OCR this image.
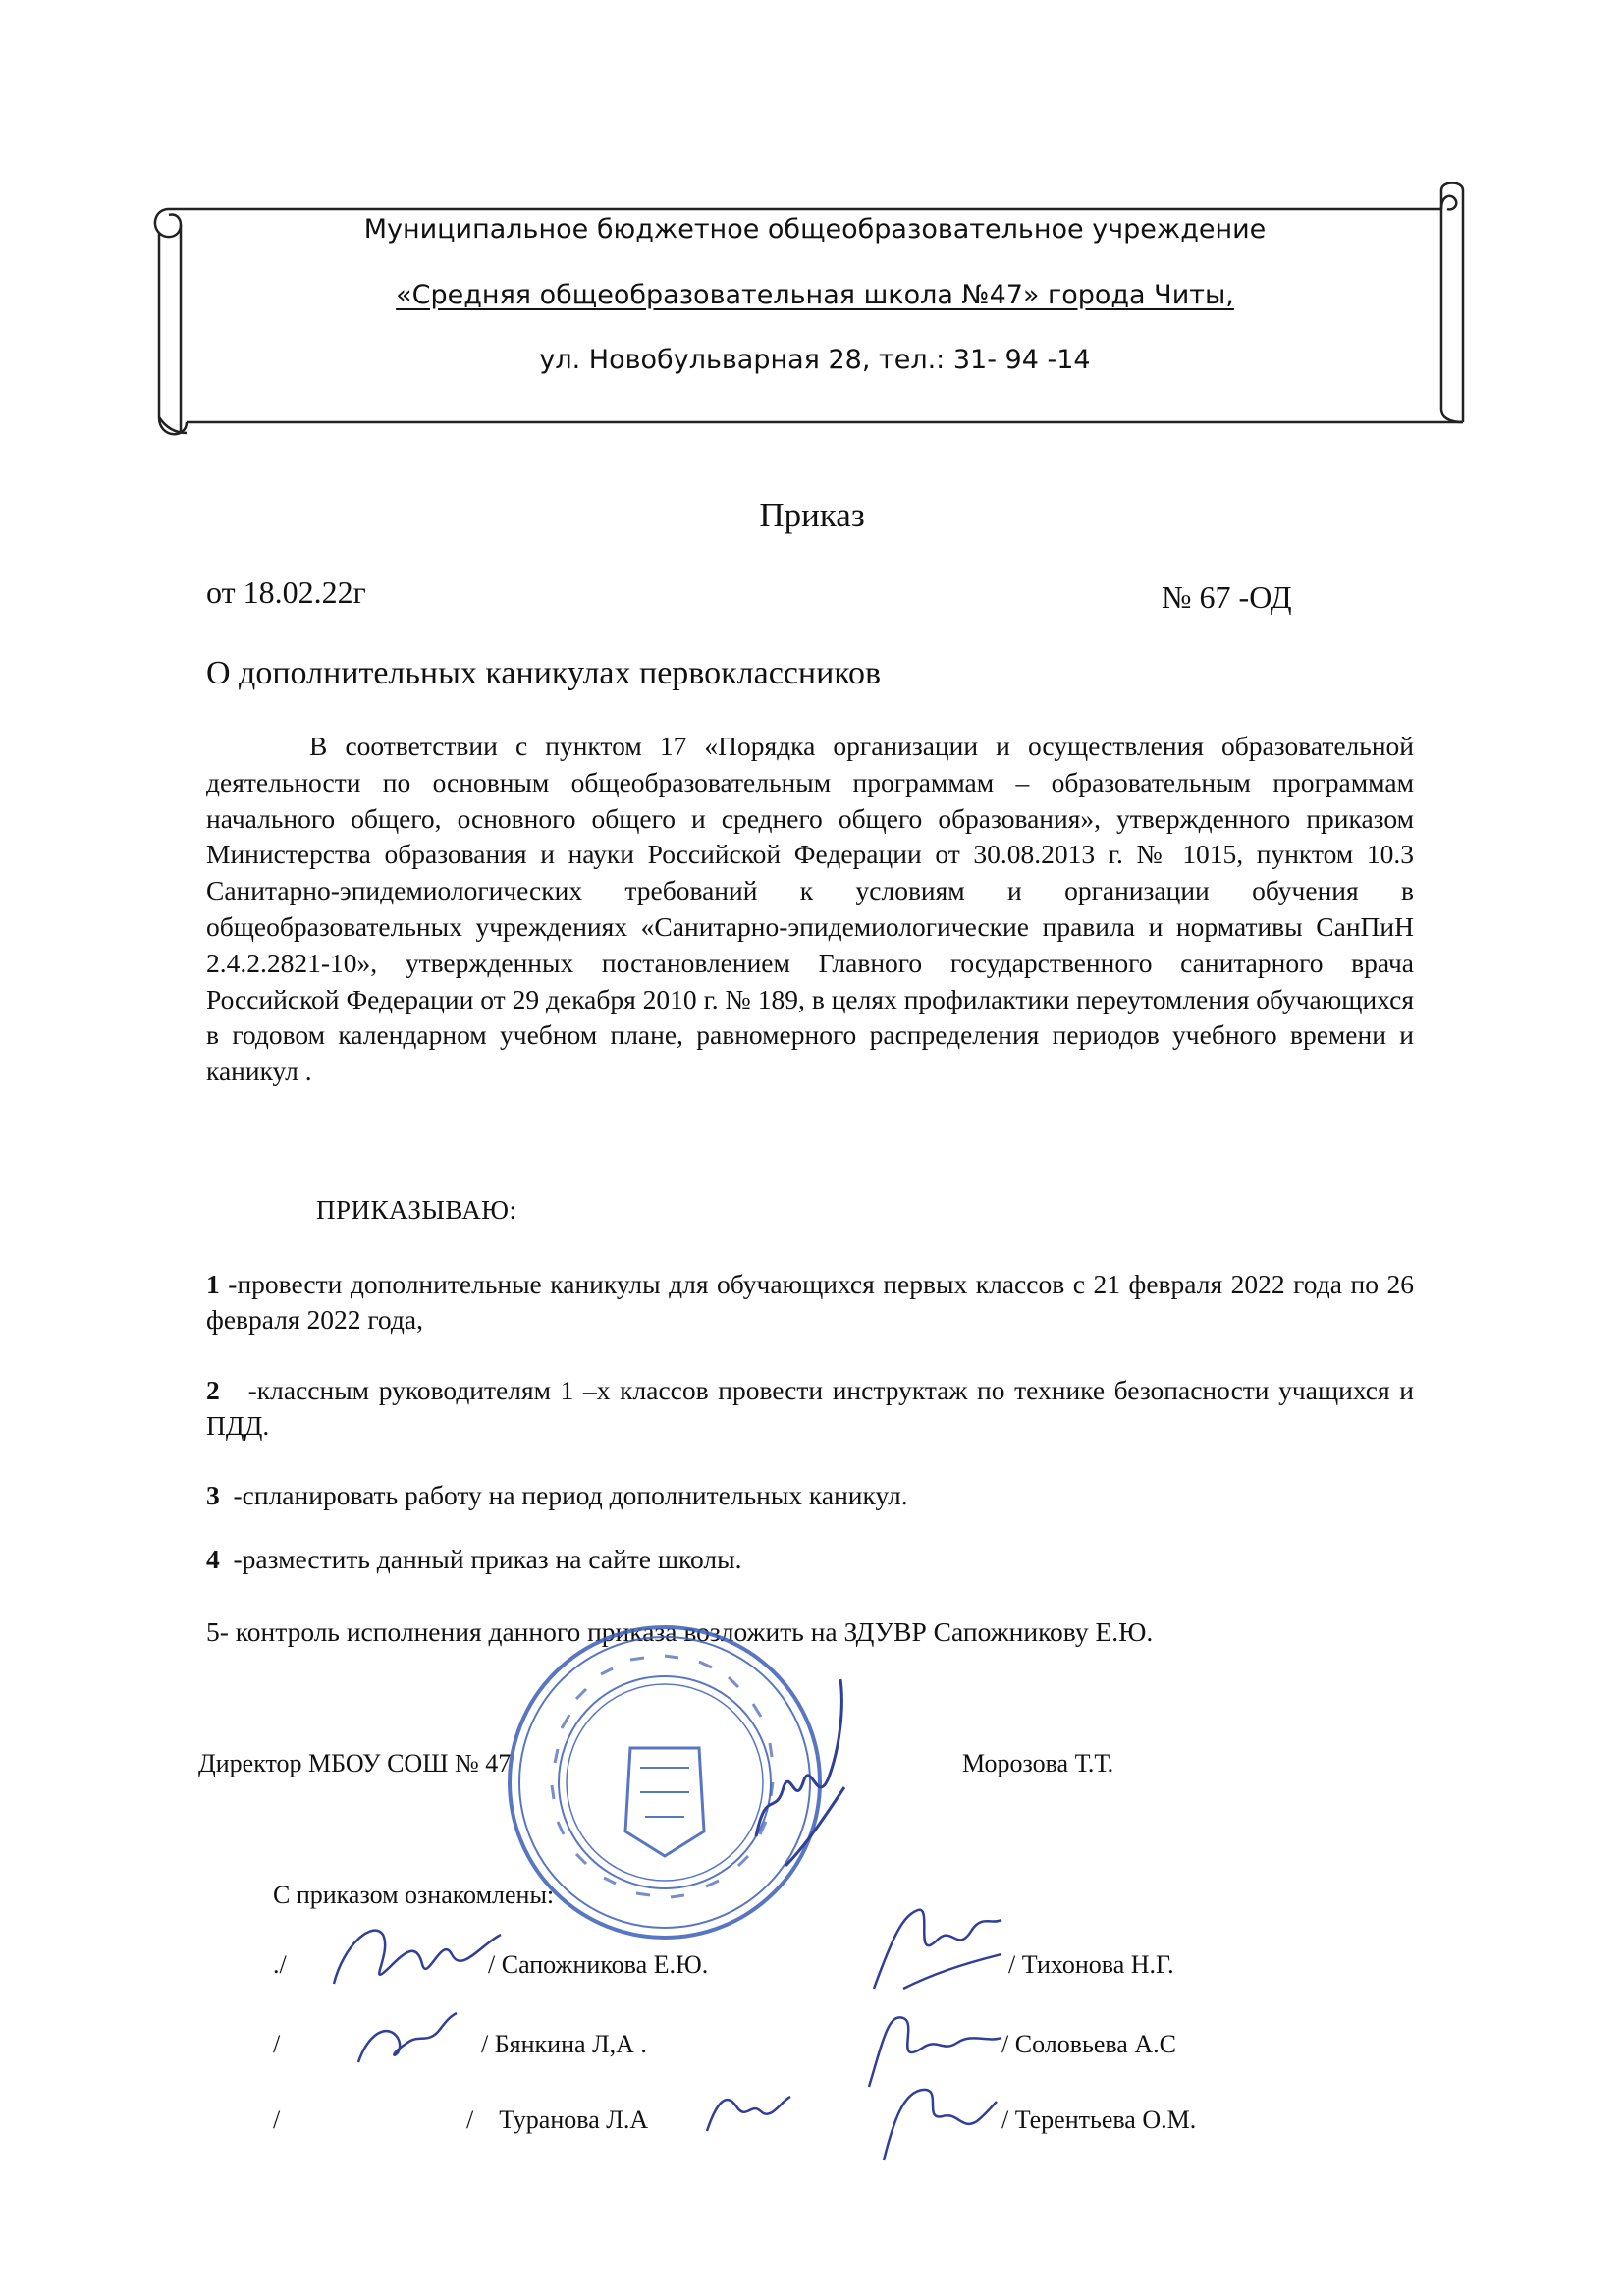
Муниципальное бюджетное общеобразовательное учреждение
«Средняя общеобразовательная школа №47» города Читы,
ул. Новобульварная 28, тел.: 31- 94 -14
Приказ
от 18.02.22г	№ 67 -ОД
О дополнительных каникулах первоклассников

В соответствии с пунктом 17 «Порядка организации и осуществления образовательной деятельности по основным общеобразовательным программам – образовательным программам начального общего, основного общего и среднего общего образования», утвержденного приказом Министерства образования и науки Российской Федерации от 30.08.2013 г. № 1015, пунктом 10.3 Санитарно-эпидемиологических требований к условиям и организации обучения в общеобразовательных учреждениях «Санитарно-эпидемиологические правила и нормативы СанПиН 2.4.2.2821-10», утвержденных постановлением Главного государственного санитарного врача Российской Федерации от 29 декабря 2010 г. № 189, в целях профилактики переутомления обучающихся в годовом календарном учебном плане, равномерного распределения периодов учебного времени и каникул .

ПРИКАЗЫВАЮ:

1 -провести дополнительные каникулы для обучающихся первых классов с 21 февраля 2022 года по 26 февраля 2022 года,

2   -классным руководителям 1 –х классов провести инструктаж по технике безопасности учащихся и ПДД.

3  -спланировать работу на период дополнительных каникул.

4  -разместить данный приказ на сайте школы.

5- контроль исполнения данного приказа возложить на ЗДУВР Сапожникову Е.Ю.

Директор МБОУ СОШ № 47	Морозова Т.Т.
С приказом ознакомлены:
./	/ Сапожникова Е.Ю.	/ Тихонова Н.Г.
/	/ Бянкина Л,А .	/ Соловьева А.С
/	/    Туранова Л.А	/ Терентьева О.М.
